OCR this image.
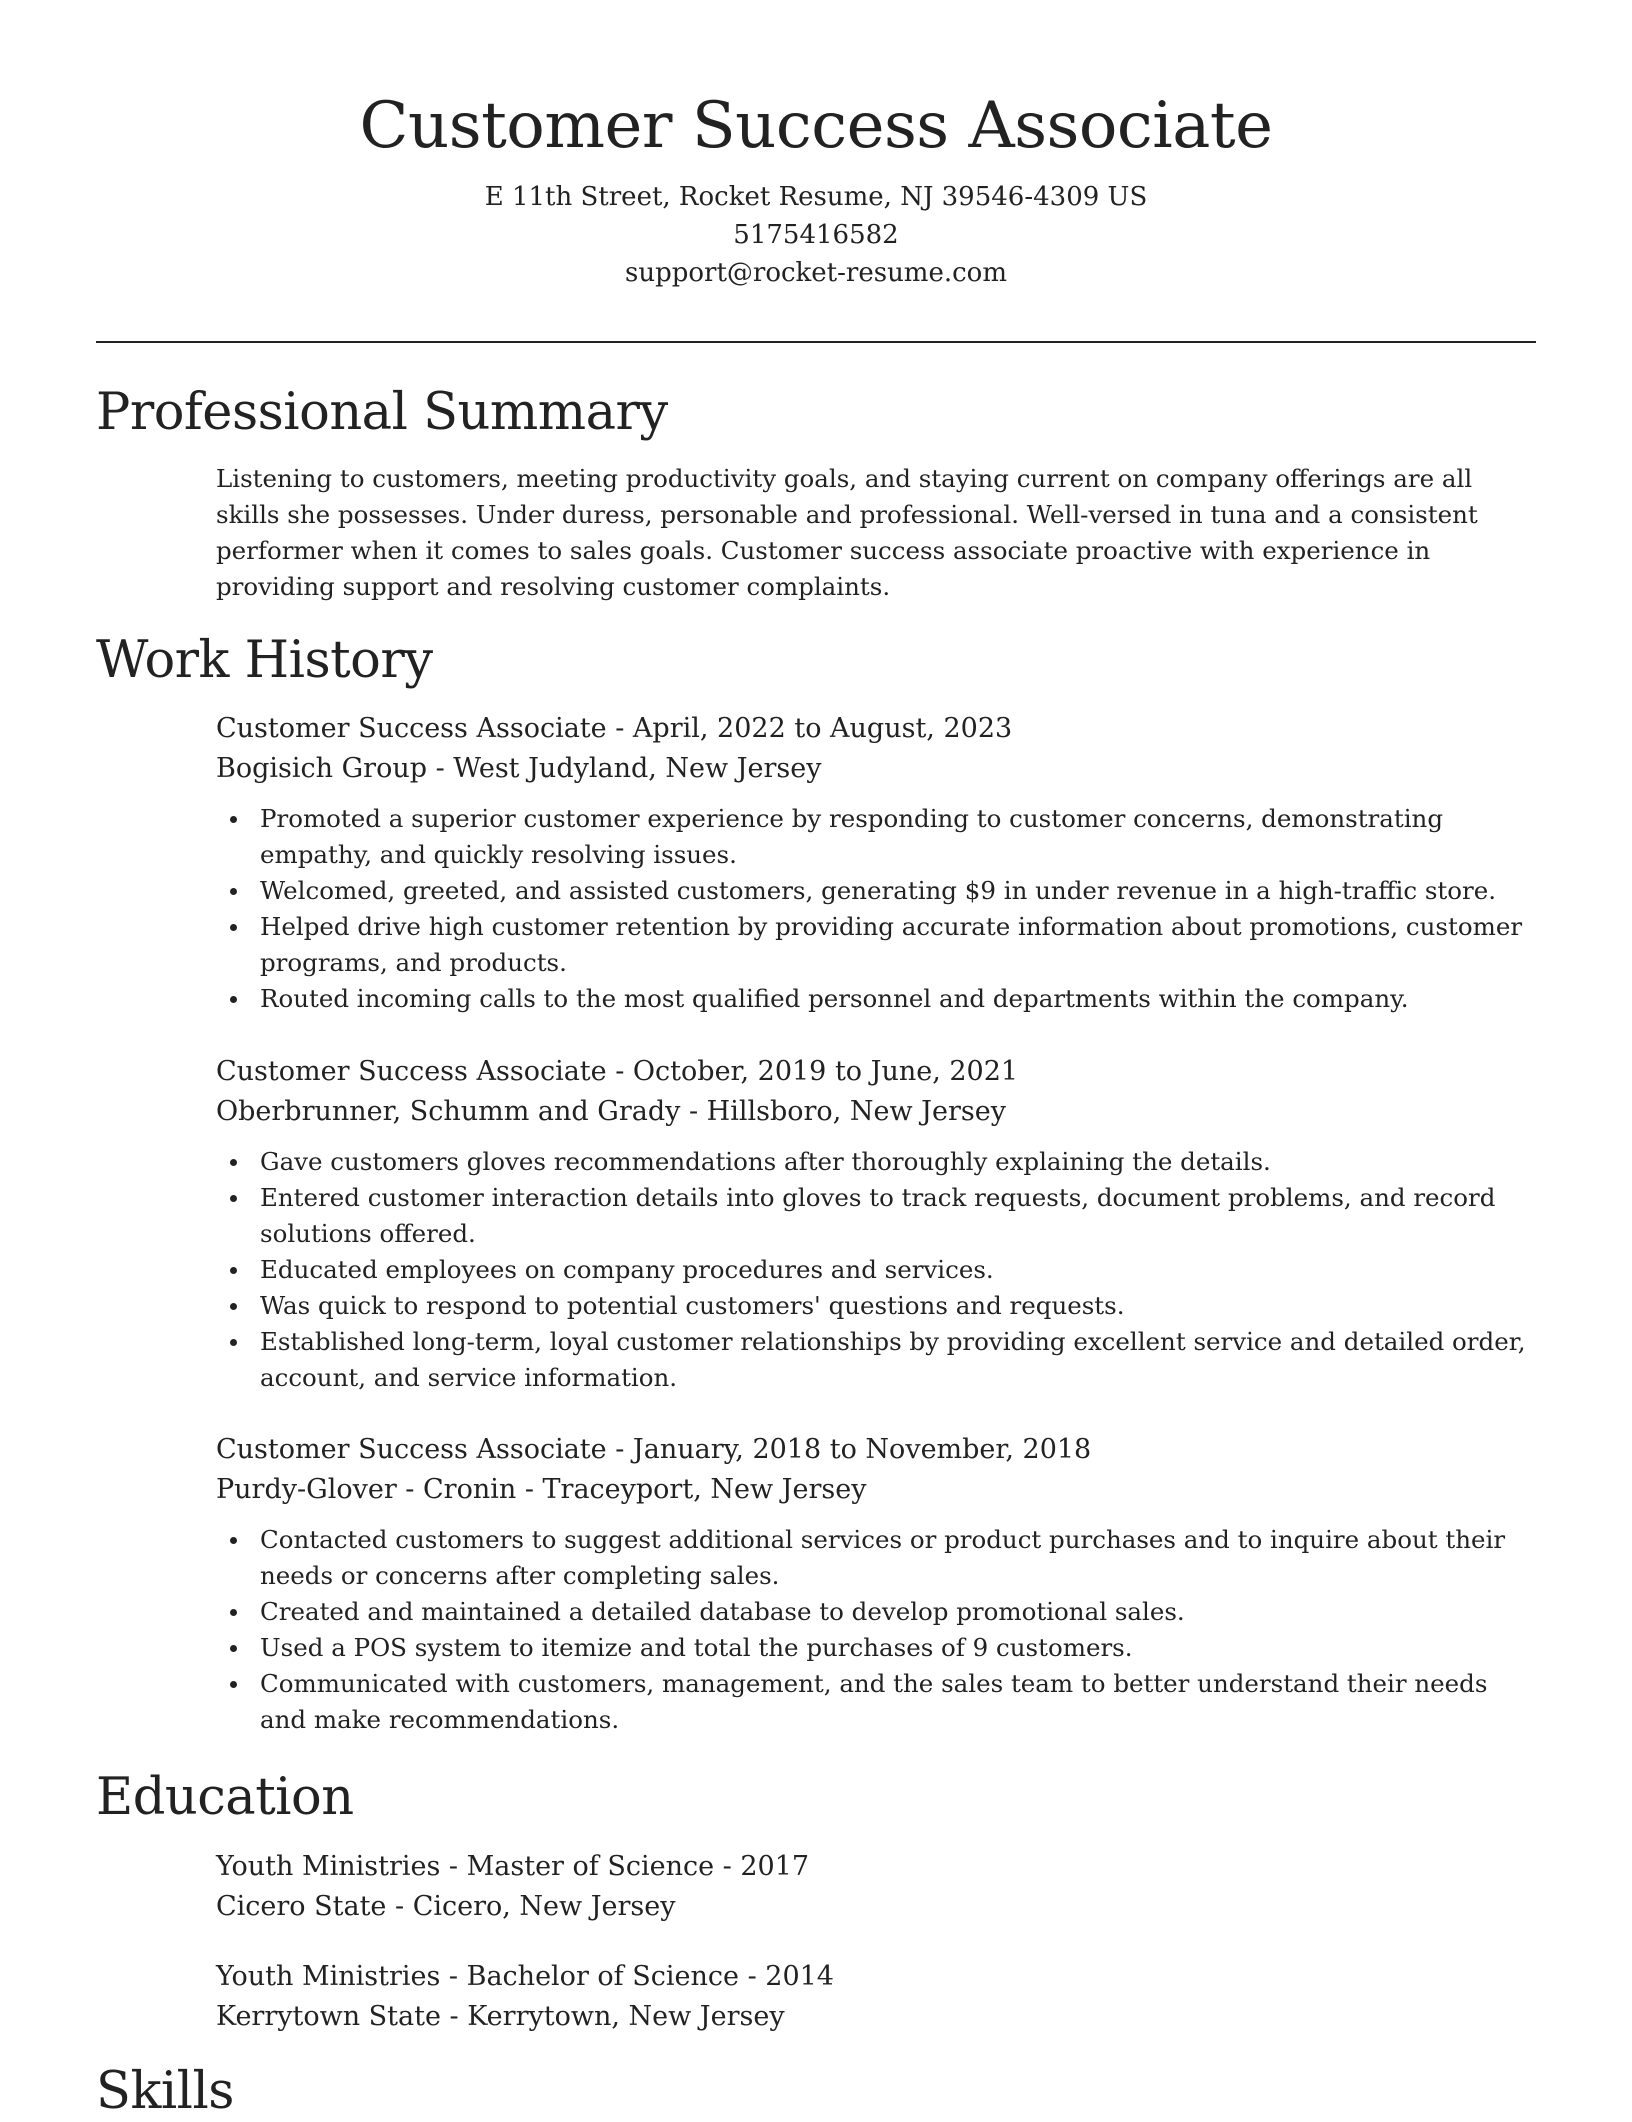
Customer Success Associate

E 11th Street, Rocket Resume, NJ 39546-4309 US

5175416582

support@rocket-resume.com

Professional Summary

Listening to customers, meeting productivity goals, and staying current on company offerings are all skills she possesses. Under duress, personable and professional. Well-versed in tuna and a consistent performer when it comes to sales goals. Customer success associate proactive with experience in providing support and resolving customer complaints.

Work History

Customer Success Associate - April, 2022 to August, 2023

Bogisich Group - West Judyland, New Jersey

Promoted a superior customer experience by responding to customer concerns, demonstrating empathy, and quickly resolving issues.
Welcomed, greeted, and assisted customers, generating $9 in under revenue in a high-traffic store.
Helped drive high customer retention by providing accurate information about promotions, customer programs, and products.
Routed incoming calls to the most qualified personnel and departments within the company.

Customer Success Associate - October, 2019 to June, 2021

Oberbrunner, Schumm and Grady - Hillsboro, New Jersey

Gave customers gloves recommendations after thoroughly explaining the details.
Entered customer interaction details into gloves to track requests, document problems, and record solutions offered.
Educated employees on company procedures and services.
Was quick to respond to potential customers' questions and requests.
Established long-term, loyal customer relationships by providing excellent service and detailed order, account, and service information.

Customer Success Associate - January, 2018 to November, 2018

Purdy-Glover - Cronin - Traceyport, New Jersey

Contacted customers to suggest additional services or product purchases and to inquire about their needs or concerns after completing sales.
Created and maintained a detailed database to develop promotional sales.
Used a POS system to itemize and total the purchases of 9 customers.
Communicated with customers, management, and the sales team to better understand their needs and make recommendations.
Education

Youth Ministries - Master of Science - 2017

Cicero State - Cicero, New Jersey

Youth Ministries - Bachelor of Science - 2014

Kerrytown State - Kerrytown, New Jersey

Skills
